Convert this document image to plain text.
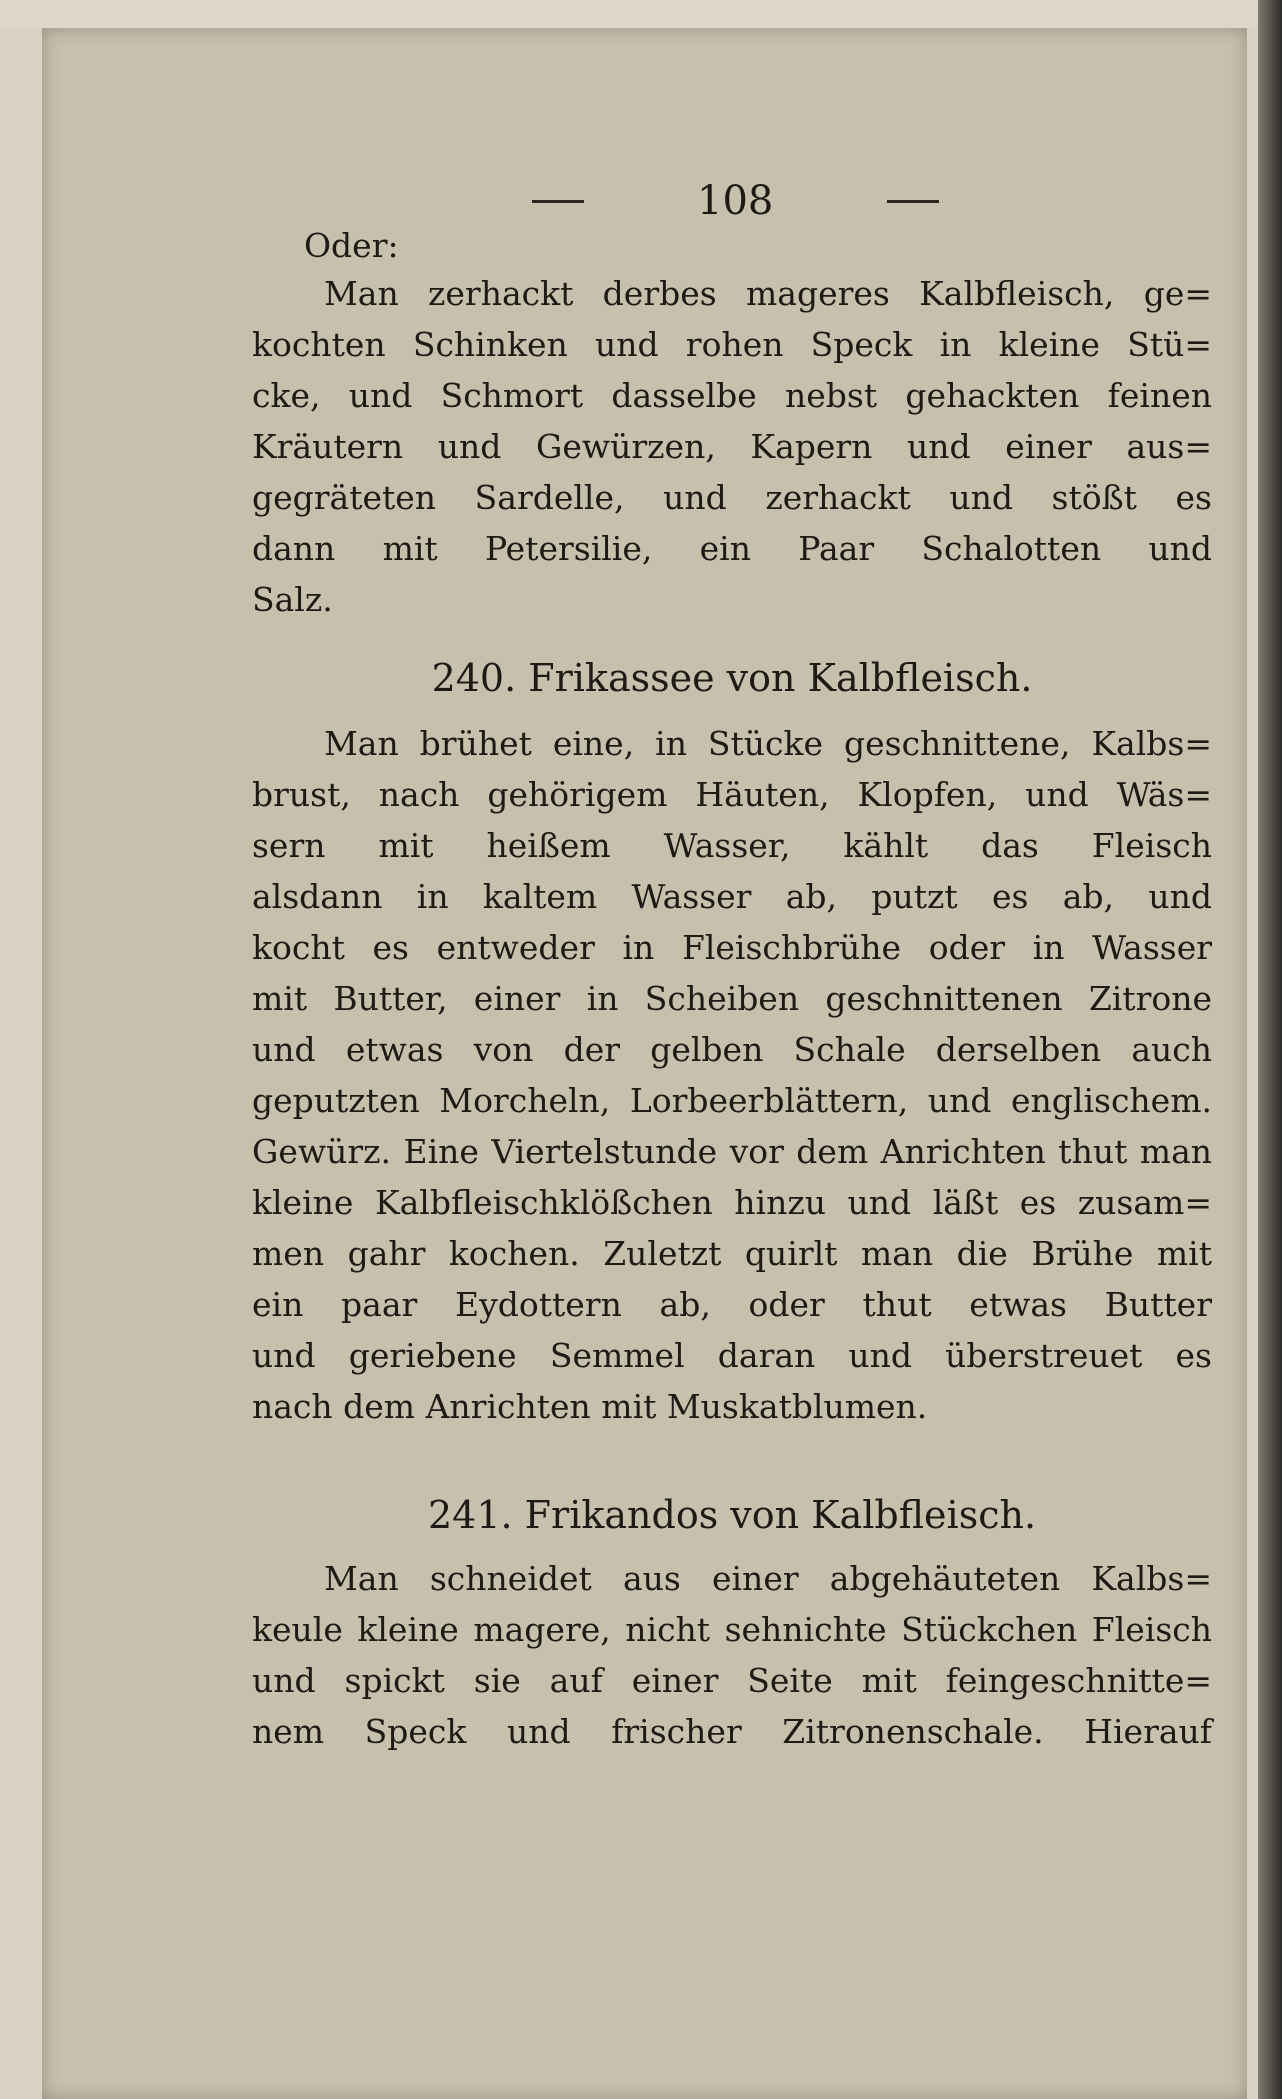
108
Oder:
Man zerhackt derbes mageres Kalbfleisch, ge=
kochten Schinken und rohen Speck in kleine Stü=
cke, und Schmort dasselbe nebst gehackten feinen
Kräutern und Gewürzen, Kapern und einer aus=
gegräteten Sardelle, und zerhackt und stößt es
dann mit Petersilie, ein Paar Schalotten und
Salz.
240. Frikassee von Kalbfleisch.
Man brühet eine, in Stücke geschnittene, Kalbs=
brust, nach gehörigem Häuten, Klopfen, und Wäs=
sern mit heißem Wasser, kählt das Fleisch
alsdann in kaltem Wasser ab, putzt es ab, und
kocht es entweder in Fleischbrühe oder in Wasser
mit Butter, einer in Scheiben geschnittenen Zitrone
und etwas von der gelben Schale derselben auch
geputzten Morcheln, Lorbeerblättern, und englischem.
Gewürz. Eine Viertelstunde vor dem Anrichten thut man
kleine Kalbfleischklößchen hinzu und läßt es zusam=
men gahr kochen. Zuletzt quirlt man die Brühe mit
ein paar Eydottern ab, oder thut etwas Butter
und geriebene Semmel daran und überstreuet es
nach dem Anrichten mit Muskatblumen.
241. Frikandos von Kalbfleisch.
Man schneidet aus einer abgehäuteten Kalbs=
keule kleine magere, nicht sehnichte Stückchen Fleisch
und spickt sie auf einer Seite mit feingeschnitte=
nem Speck und frischer Zitronenschale. Hierauf
